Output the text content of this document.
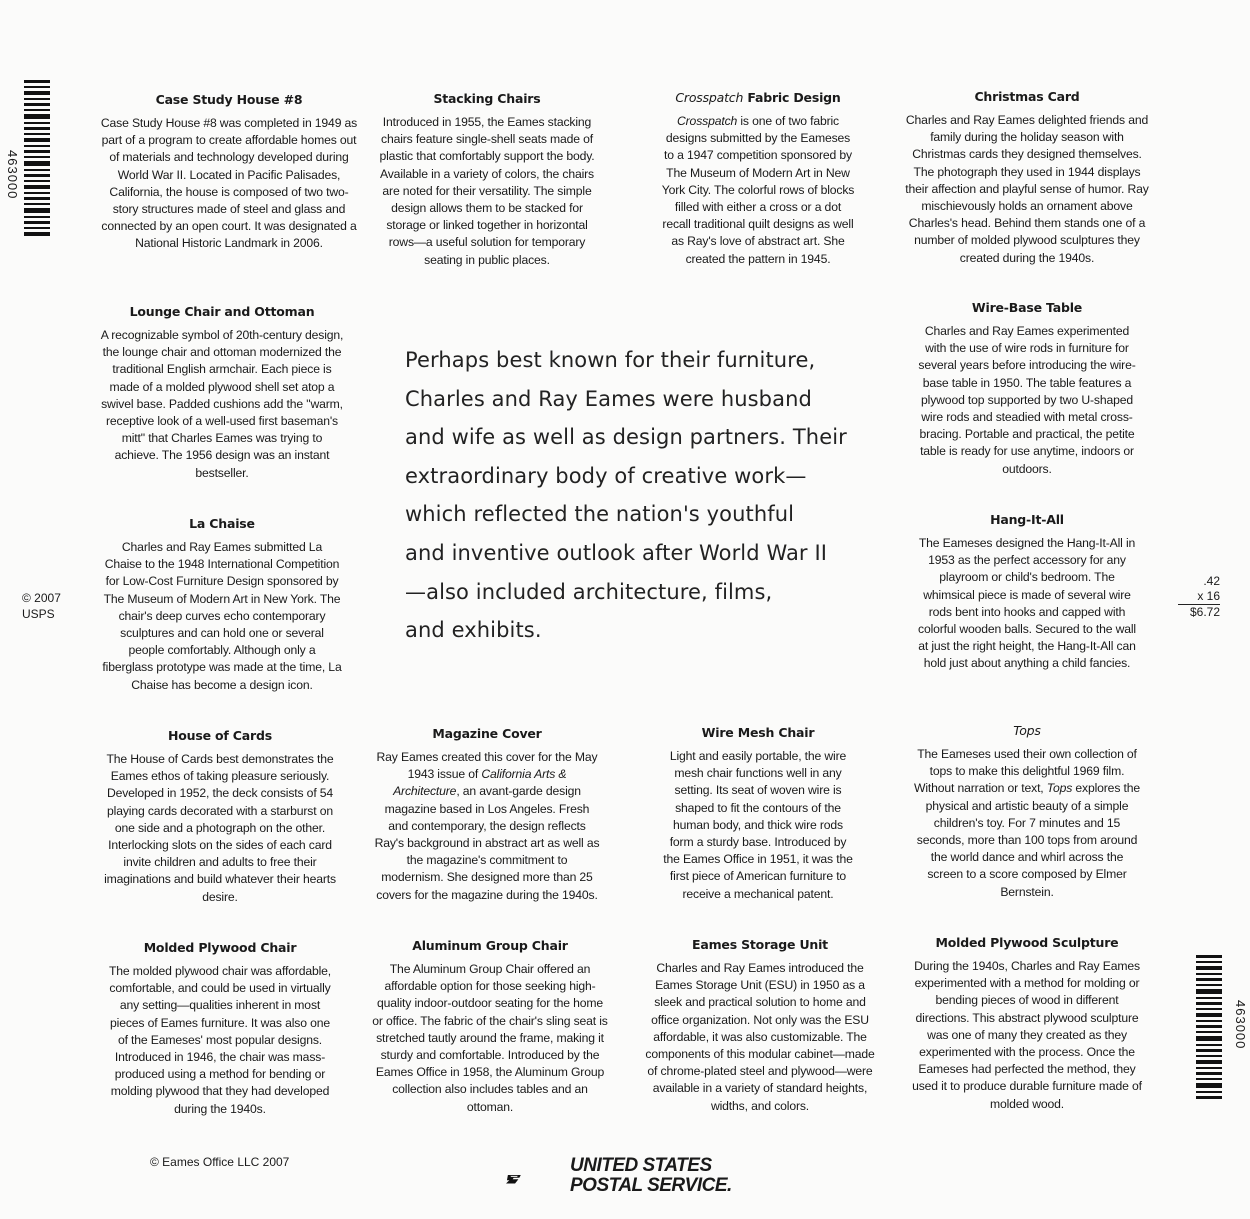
463000
463000
© 2007
USPS
.42
x 16
$6.72
Case Study House #8

Case Study House #8 was completed in 1949 as part of a program to create affordable homes out of materials and technology developed during World War II. Located in Pacific Palisades, California, the house is composed of two two-story structures made of steel and glass and connected by an open court. It was designated a National Historic Landmark in 2006.

Stacking Chairs

Introduced in 1955, the Eames stacking chairs feature single-shell seats made of plastic that comfortably support the body. Available in a variety of colors, the chairs are noted for their versatility. The simple design allows them to be stacked for storage or linked together in horizontal rows—a useful solution for temporary seating in public places.

Crosspatch Fabric Design

Crosspatch is one of two fabric designs submitted by the Eameses to a 1947 competition sponsored by The Museum of Modern Art in New York City. The colorful rows of blocks filled with either a cross or a dot recall traditional quilt designs as well as Ray's love of abstract art. She created the pattern in 1945.

Christmas Card

Charles and Ray Eames delighted friends and family during the holiday season with Christmas cards they designed themselves. The photograph they used in 1944 displays their affection and playful sense of humor. Ray mischievously holds an ornament above Charles's head. Behind them stands one of a number of molded plywood sculptures they created during the 1940s.

Lounge Chair and Ottoman

A recognizable symbol of 20th-century design, the lounge chair and ottoman modernized the traditional English armchair. Each piece is made of a molded plywood shell set atop a swivel base. Padded cushions add the "warm, receptive look of a well-used first baseman's mitt" that Charles Eames was trying to achieve. The 1956 design was an instant bestseller.

Wire-Base Table

Charles and Ray Eames experimented with the use of wire rods in furniture for several years before introducing the wire-base table in 1950. The table features a plywood top supported by two U-shaped wire rods and steadied with metal cross-bracing. Portable and practical, the petite table is ready for use anytime, indoors or outdoors.

Perhaps best known for their furniture,
Charles and Ray Eames were husband
and wife as well as design partners. Their
extraordinary body of creative work—
which reflected the nation's youthful
and inventive outlook after World War II
—also included architecture, films,
and exhibits.
La Chaise

Charles and Ray Eames submitted La Chaise to the 1948 International Competition for Low-Cost Furniture Design sponsored by The Museum of Modern Art in New York. The chair's deep curves echo contemporary sculptures and can hold one or several people comfortably. Although only a fiberglass prototype was made at the time, La Chaise has become a design icon.

Hang-It-All

The Eameses designed the Hang-It-All in 1953 as the perfect accessory for any playroom or child's bedroom. The whimsical piece is made of several wire rods bent into hooks and capped with colorful wooden balls. Secured to the wall at just the right height, the Hang-It-All can hold just about anything a child fancies.

House of Cards

The House of Cards best demonstrates the Eames ethos of taking pleasure seriously. Developed in 1952, the deck consists of 54 playing cards decorated with a starburst on one side and a photograph on the other. Interlocking slots on the sides of each card invite children and adults to free their imaginations and build whatever their hearts desire.

Magazine Cover

Ray Eames created this cover for the May 1943 issue of California Arts & Architecture, an avant-garde design magazine based in Los Angeles. Fresh and contemporary, the design reflects Ray's background in abstract art as well as the magazine's commitment to modernism. She designed more than 25 covers for the magazine during the 1940s.

Wire Mesh Chair

Light and easily portable, the wire mesh chair functions well in any setting. Its seat of woven wire is shaped to fit the contours of the human body, and thick wire rods form a sturdy base. Introduced by the Eames Office in 1951, it was the first piece of American furniture to receive a mechanical patent.

Tops

The Eameses used their own collection of tops to make this delightful 1969 film. Without narration or text, Tops explores the physical and artistic beauty of a simple children's toy. For 7 minutes and 15 seconds, more than 100 tops from around the world dance and whirl across the screen to a score composed by Elmer Bernstein.

Molded Plywood Chair

The molded plywood chair was affordable, comfortable, and could be used in virtually any setting—qualities inherent in most pieces of Eames furniture. It was also one of the Eameses' most popular designs. Introduced in 1946, the chair was mass-produced using a method for bending or molding plywood that they had developed during the 1940s.

Aluminum Group Chair

The Aluminum Group Chair offered an affordable option for those seeking high-quality indoor-outdoor seating for the home or office. The fabric of the chair's sling seat is stretched tautly around the frame, making it sturdy and comfortable. Introduced by the Eames Office in 1958, the Aluminum Group collection also includes tables and an ottoman.

Eames Storage Unit

Charles and Ray Eames introduced the Eames Storage Unit (ESU) in 1950 as a sleek and practical solution to home and office organization. Not only was the ESU affordable, it was also customizable. The components of this modular cabinet—made of chrome-plated steel and plywood—were available in a variety of standard heights, widths, and colors.

Molded Plywood Sculpture

During the 1940s, Charles and Ray Eames experimented with a method for molding or bending pieces of wood in different directions. This abstract plywood sculpture was one of many they created as they experimented with the process. Once the Eameses had perfected the method, they used it to produce durable furniture made of molded wood.

© Eames Office LLC 2007	UNITED STATES
POSTAL SERVICE.
